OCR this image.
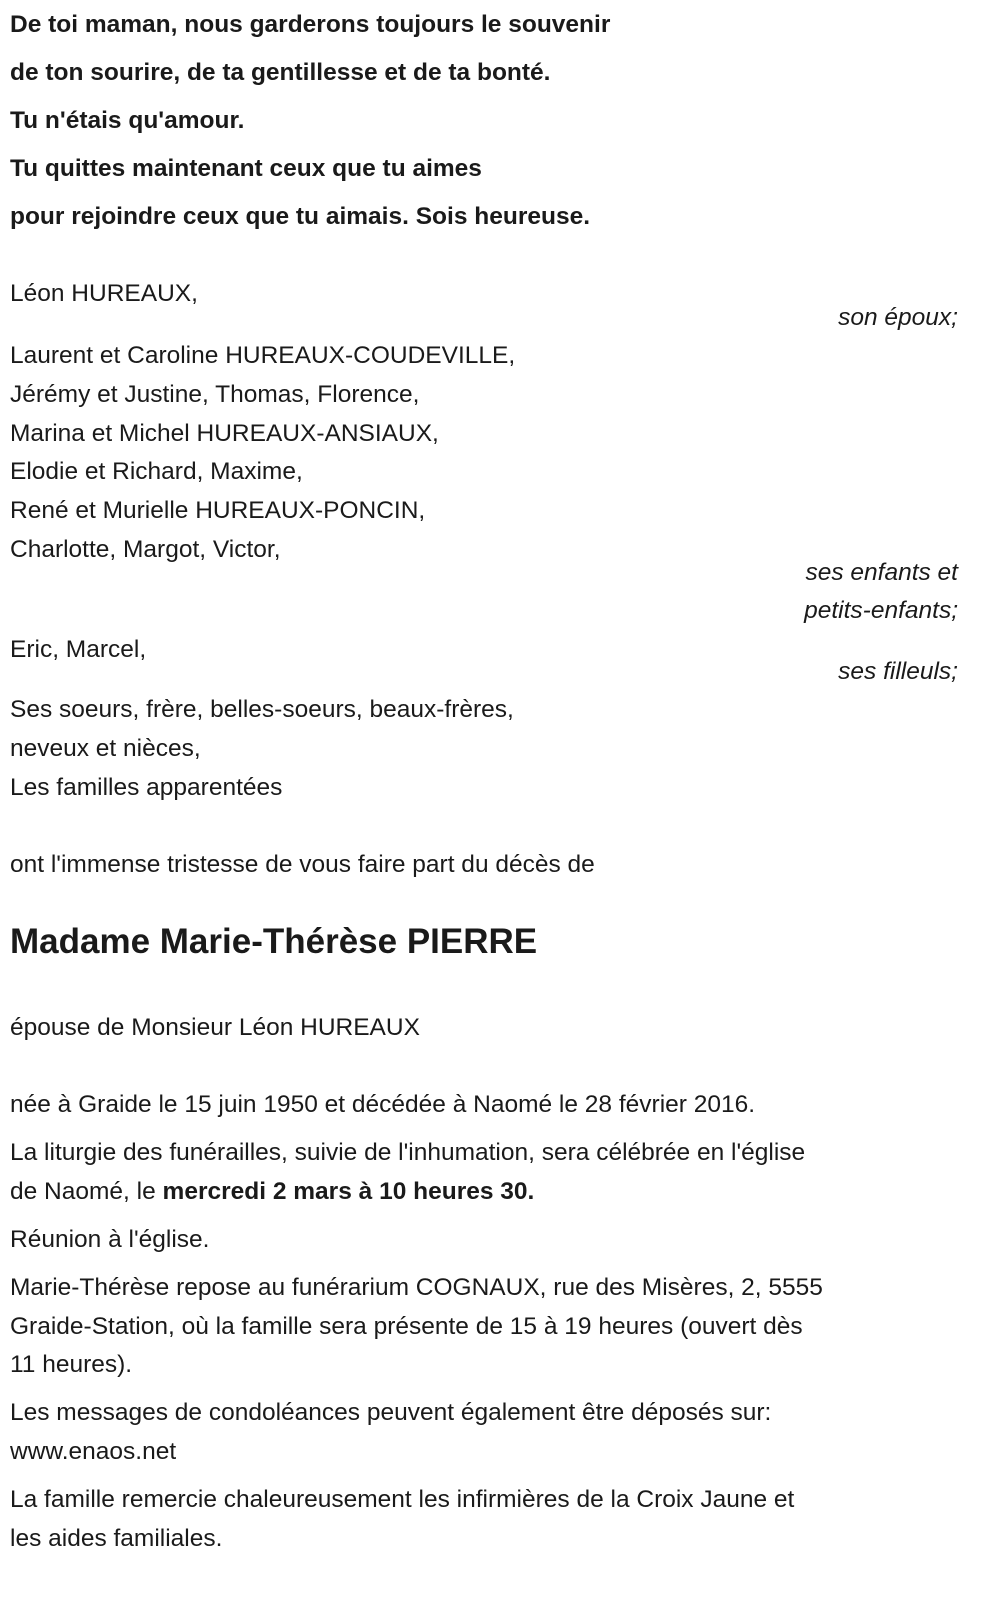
De toi maman, nous garderons toujours le souvenir
de ton sourire, de ta gentillesse et de ta bonté.
Tu n'étais qu'amour.
Tu quittes maintenant ceux que tu aimes
pour rejoindre ceux que tu aimais. Sois heureuse.
Léon HUREAUX,
son époux;
Laurent et Caroline HUREAUX-COUDEVILLE,
Jérémy et Justine, Thomas, Florence,
Marina et Michel HUREAUX-ANSIAUX,
Elodie et Richard, Maxime,
René et Murielle HUREAUX-PONCIN,
Charlotte, Margot, Victor,
ses enfants et
petits-enfants;
Eric, Marcel,
ses filleuls;
Ses soeurs, frère, belles-soeurs, beaux-frères,
neveux et nièces,
Les familles apparentées
ont l'immense tristesse de vous faire part du décès de
Madame Marie-Thérèse PIERRE
épouse de Monsieur Léon HUREAUX
née à Graide le 15 juin 1950 et décédée à Naomé le 28 février 2016.
La liturgie des funérailles, suivie de l'inhumation, sera célébrée en l'église
de Naomé, le mercredi 2 mars à 10 heures 30.
Réunion à l'église.
Marie-Thérèse repose au funérarium COGNAUX, rue des Misères, 2, 5555
Graide-Station, où la famille sera présente de 15 à 19 heures (ouvert dès
11 heures).
Les messages de condoléances peuvent également être déposés sur:
www.enaos.net
La famille remercie chaleureusement les infirmières de la Croix Jaune et
les aides familiales.
